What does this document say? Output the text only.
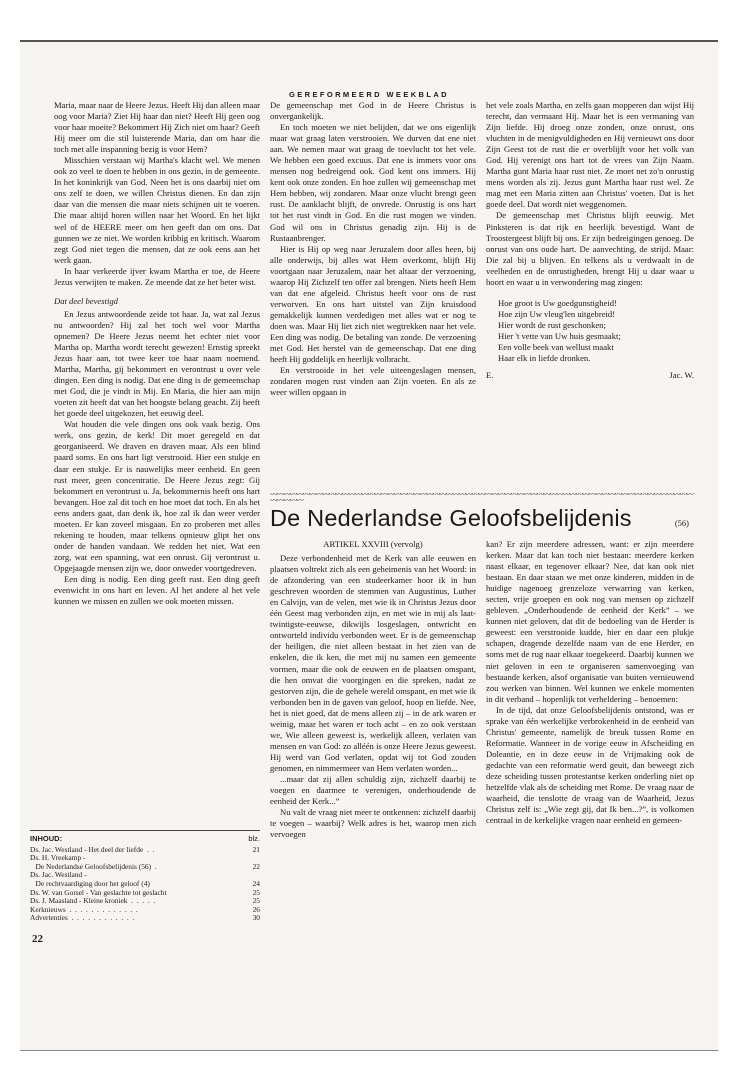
GEREFORMEERD WEEKBLAD

Maria, maar naar de Heere Jezus. Heeft Hij dan alleen maar oog voor Maria? Ziet Hij haar dan niet? Heeft Hij geen oog voor haar moeite? Bekommert Hij Zich niet om haar? Geeft Hij meer om die stil luisterende Maria, dan om haar die toch met alle inspanning bezig is voor Hem?

Misschien verstaan wij Martha's klacht wel. We menen ook zo veel te doen te hebben in ons gezin, in de gemeente. In het koninkrijk van God. Neen het is ons daarbij niet om ons zelf te doen, we willen Christus dienen. En dan zijn daar van die mensen die maar niets schijnen uit te voeren. Die maar altijd horen willen naar het Woord. En het lijkt wel of de HEERE meer om hen geeft dan om ons. Dat gunnen we ze niet. We worden kribbig en kritisch. Waarom zegt God niet tegen die mensen, dat ze ook eens aan het werk gaan.

In haar verkeerde ijver kwam Martha er toe, de Heere Jezus verwijten te maken. Ze meende dat ze het beter wist.

Dat deel bevestigd

En Jezus antwoordende zeide tot haar. Ja, wat zal Jezus nu antwoorden? Hij zal het toch wel voor Martha opnemen? De Heere Jezus neemt het echter niet voor Martha op. Martha wordt terecht gewezen! Ernstig spreekt Jezus haar aan, tot twee keer toe haar naam noemend. Martha, Martha, gij bekommert en verontrust u over vele dingen. Een ding is nodig. Dat ene ding is de gemeenschap met God, die je vindt in Mij. En Maria, die hier aan mijn voeten zit heeft dat van het hoogste belang geacht. Zij heeft het goede deel uitgekozen, het eeuwig deel.

Wat houden die vele dingen ons ook vaak bezig. Ons werk, ons gezin, de kerk! Dit moet geregeld en dat georganiseerd. We draven en draven maar. Als een blind paard soms. En ons hart ligt verstrooid. Hier een stukje en daar een stukje. Er is nauwelijks meer eenheid. En geen rust meer, geen concentratie. De Heere Jezus zegt: Gij bekommert en verontrust u. Ja, bekommernis heeft ons hart bevangen. Hoe zal dit toch en hoe moet dat toch. En als het eens anders gaat, dan denk ik, hoe zal ik dan weer verder moeten. Er kan zoveel misgaan. En zo proberen met alles rekening te houden, maar telkens opnieuw glipt het ons onder de handen vandaan. We redden het niet. Wat een zorg, wat een spanning, wat een onrust. Gij verontrust u. Opgejaagde mensen zijn we, door onweder voortgedreven.

Een ding is nodig. Een ding geeft rust. Een ding geeft evenwicht in ons hart en leven. Al het andere al het vele kunnen we missen en zullen we ook moeten missen.

De gemeenschap met God in de Heere Christus is onvergankelijk.

En toch moeten we niet belijden, dat we ons eigenlijk maar wat graag laten verstrooien. We durven dat ene niet aan. We nemen maar wat graag de toevlucht tot het vele. We hebben een goed excuus. Dat ene is immers voor ons mensen nog bedreigend ook. God kent ons immers. Hij kent ook onze zonden. En hoe zullen wij gemeenschap met Hem hebben, wij zondaren. Maar onze vlucht brengt geen rust. De aanklacht blijft, de onvrede. Onrustig is ons hart tot het rust vindt in God. En die rust mogen we vinden. God wil ons in Christus genadig zijn. Hij is de Rustaanbrenger.

Hier is Hij op weg naar Jeruzalem door alles heen, bij alle onderwijs, bij alles wat Hem overkomt, blijft Hij voortgaan naar Jeruzalem, naar het altaar der verzoening, waarop Hij Zichzelf ten offer zal brengen. Niets heeft Hem van dat ene afgeleid. Christus heeft voor ons de rust verworven. En ons hart uitstel van Zijn kruisdood gemakkelijk kunnen verdedigen met alles wat er nog te doen was. Maar Hij liet zich niet wegtrekken naar het vele. Een ding was nodig. De betaling van zonde. De verzoening met God. Het herstel van de gemeenschap. Dat ene ding heeft Hij goddelijk en heerlijk volbracht.

En verstrooide in het vele uiteengeslagen mensen, zondaren mogen rust vinden aan Zijn voeten. En als ze weer willen opgaan in

het vele zoals Martha, en zelfs gaan mopperen dan wijst Hij terecht, dan vermaant Hij. Maar het is een vermaning van Zijn liefde. Hij droeg onze zonden, onze onrust, ons vluchten in de menigvuldigheden en Hij vernieuwt ons door Zijn Geest tot de rust die er overblijft voor het volk van God. Hij verenigt ons hart tot de vrees van Zijn Naam. Martha gunt Maria haar rust niet. Ze moet net zo'n onrustig mens worden als zij. Jezus gunt Martha haar rust wel. Ze mag met een Maria zitten aan Christus' voeten. Dat is het goede deel. Dat wordt niet weggenomen.

De gemeenschap met Christus blijft eeuwig. Met Pinksteren is dat rijk en heerlijk bevestigd. Want de Troostergeest blijft bij ons. Er zijn bedreigingen genoeg. De onrust van ons oude hart. De aanvechting, de strijd. Maar: Die zal bij u blijven. En telkens als u verdwaalt in de veelheden en de onrustigheden, brengt Hij u daar waar u hoort en waar u in verwondering mag zingen:

Hoe groot is Uw goedgunstigheid!
Hoe zijn Uw vleug'len uitgebreid!
Hier wordt de rust geschonken;
Hier 't vette van Uw huis gesmaakt;
Een volle beek van wellust maakt
Haar elk in liefde dronken.
E.	Jac. W.
〰〰〰〰〰〰〰〰〰〰〰〰〰〰〰〰〰〰〰〰〰〰〰〰〰〰〰〰〰〰〰〰〰〰〰〰〰〰〰〰〰〰〰〰〰〰〰〰〰〰〰〰〰〰〰〰〰〰〰〰〰〰〰〰〰〰〰〰〰〰
De Nederlandse Geloofsbelijdenis	(56)

ARTIKEL XXVIII (vervolg)

Deze verbondenheid met de Kerk van alle eeuwen en plaatsen voltrekt zich als een geheimenis van het Woord: in de afzondering van een studeerkamer hoor ik in hun geschreven woorden de stemmen van Augustinus, Luther en Calvijn, van de velen, met wie ik in Christus Jezus door één Geest mag verbonden zijn, en met wie in mij als laat-twintigste-eeuwse, dikwijls losgeslagen, ontwricht en ontworteld individu verbonden weet. Er is de gemeenschap der heiligen, die niet alleen bestaat in het zien van de enkelen, die ik ken, die met mij nu samen een gemeente vormen, maar die ook de eeuwen en de plaatsen omspant, die hen omvat die voorgingen en die spreken, nadat ze gestorven zijn, die de gehele wereld omspant, en met wie ik verbonden ben in de gaven van geloof, hoop en liefde. Nee, het is niet goed, dat de mens alleen zij – in de ark waren er weinig, maar het waren er toch acht – en zo ook verstaan we, Wie alleen geweest is, werkelijk alleen, verlaten van mensen en van God: zo alléén is onze Heere Jezus geweest. Hij werd van God verlaten, opdat wij tot God zouden genomen, en nimmermeer van Hem verlaten worden...

...maar dat zij allen schuldig zijn, zichzelf daarbij te voegen en daarmee te verenigen, onderhoudende de eenheid der Kerk...”

Nu valt de vraag niet meer te ontkennen: zichzelf daarbij te voegen – waarbij? Welk adres is het, waarop men zich vervoegen

kan? Er zijn meerdere adressen, want: er zijn meerdere kerken. Maar dat kan toch niet bestaan: meerdere kerken naast elkaar, en tegenover elkaar? Nee, dat kan ook niet bestaan. En daar staan we met onze kinderen, midden in de huidige nagenoeg grenzeloze verwarring van kerken, secten, vrije groepen en ook nog van mensen op zichzelf gebleven. „Onderhoudende de eenheid der Kerk” – we kunnen niet geloven, dat dit de bedoeling van de Herder is geweest: een verstrooide kudde, hier en daar een plukje schapen, dragende dezelfde naam van de ene Herder, en soms met de rug naar elkaar toegekeerd. Daarbij kunnen we niet geloven in een te organiseren samenvoeging van bestaande kerken, alsof organisatie van buiten vernieuwend zou werken van binnen. Wel kunnen we enkele momenten in dit verband – hopenlijk tot verheldering – benoemen:

In de tijd, dat onze Geloofsbelijdenis ontstond, was er sprake van één werkelijke verbrokenheid in de eenheid van Christus' gemeente, namelijk de breuk tussen Rome en Reformatie. Wanneer in de vorige eeuw in Afscheiding en Doleantie, en in deze eeuw in de Vrijmaking ook de gedachte van een reformatie werd geuit, dan beweegt zich deze scheiding tussen protestantse kerken onderling niet op hetzelfde vlak als de scheiding met Rome. De vraag naar de waarheid, die tenslotte de vraag van de Waarheid, Jezus Christus zelf is: „Wie zegt gij, dat Ik ben...?”, is volkomen centraal in de kerkelijke vragen naar eenheid en gemeen-

INHOUD:	blz.
Ds. Jac. Westland - Het deel der liefde  .  .	21
Ds. H. Vreekamp -
De Nederlandse Geloofsbelijdenis (56)  .	22
Ds. Jac. Westland -
De rechtvaardiging door het geloof (4)	24
Ds. W. van Gorsel - Van geslachte tot geslacht	25
Ds. J. Maasland - Kleine kroniek  .  .  .  .  .	25
Kerknieuws  .  .  .  .  .  .  .  .  .  .  .  .  .	26
Advertenties  .  .  .  .  .  .  .  .  .  .  .  .	30
22
